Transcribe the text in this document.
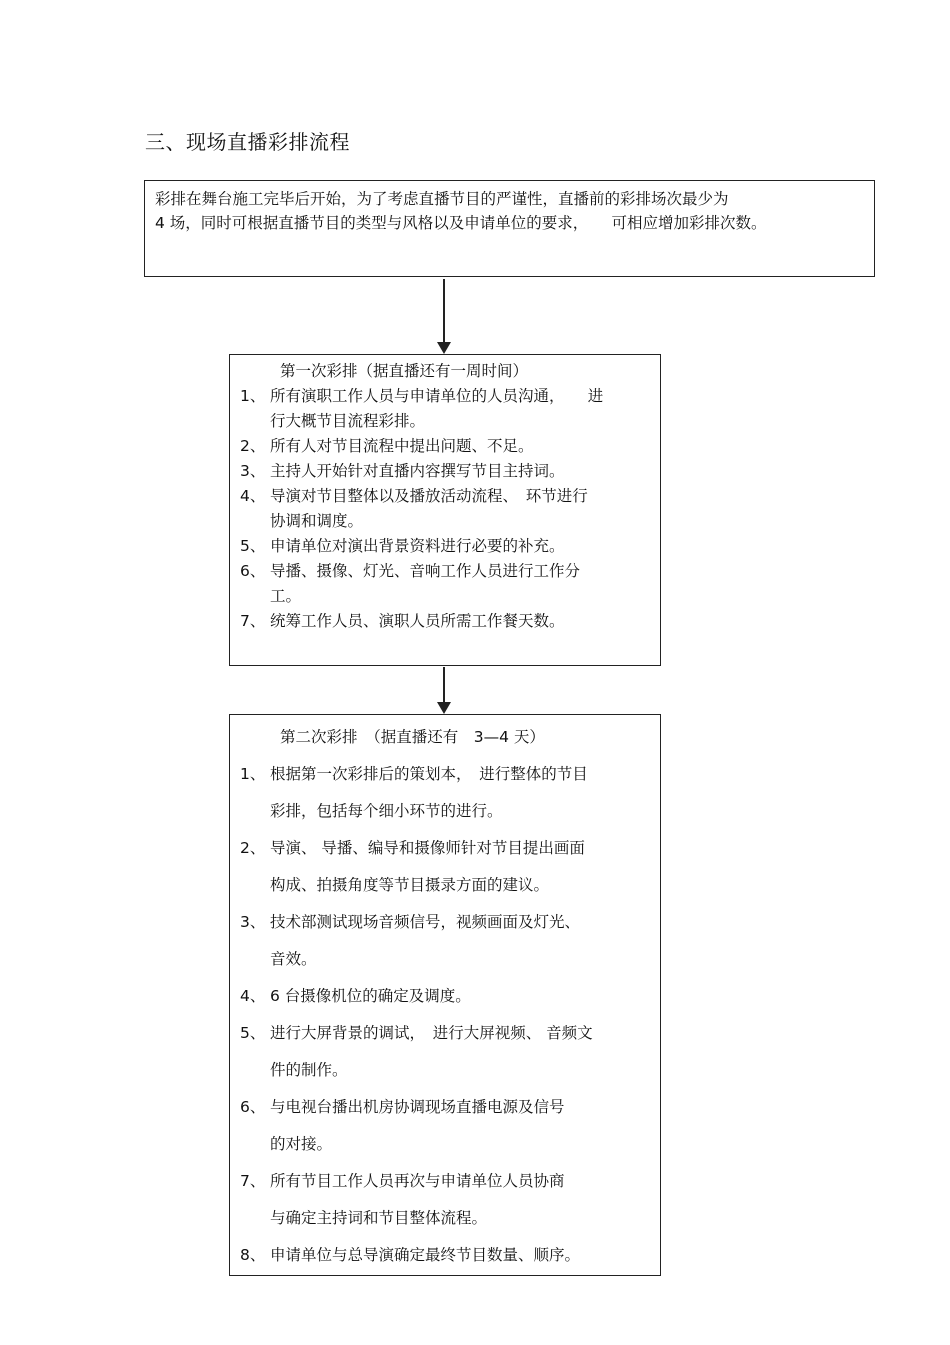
三、现场直播彩排流程
彩排在舞台施工完毕后开始，为了考虑直播节目的严谨性，直播前的彩排场次最少为
4 场，同时可根据直播节目的类型与风格以及申请单位的要求，　　可相应增加彩排次数。
第一次彩排（据直播还有一周时间）
1、 所有演职工作人员与申请单位的人员沟通，　　进
行大概节目流程彩排。
2、 所有人对节目流程中提出问题、不足。
3、 主持人开始针对直播内容撰写节目主持词。
4、 导演对节目整体以及播放活动流程、　环节进行
协调和调度。
5、 申请单位对演出背景资料进行必要的补充。
6、 导播、摄像、灯光、音响工作人员进行工作分
工。
7、 统筹工作人员、演职人员所需工作餐天数。
第二次彩排　（据直播还有　3—4 天）
1、 根据第一次彩排后的策划本，　进行整体的节目
彩排，包括每个细小环节的进行。
2、 导演、 导播、编导和摄像师针对节目提出画面
构成、拍摄角度等节目摄录方面的建议。
3、 技术部测试现场音频信号，视频画面及灯光、
音效。
4、 6 台摄像机位的确定及调度。
5、 进行大屏背景的调试，　进行大屏视频、 音频文
件的制作。
6、 与电视台播出机房协调现场直播电源及信号
的对接。
7、 所有节目工作人员再次与申请单位人员协商
与确定主持词和节目整体流程。
8、 申请单位与总导演确定最终节目数量、顺序。
